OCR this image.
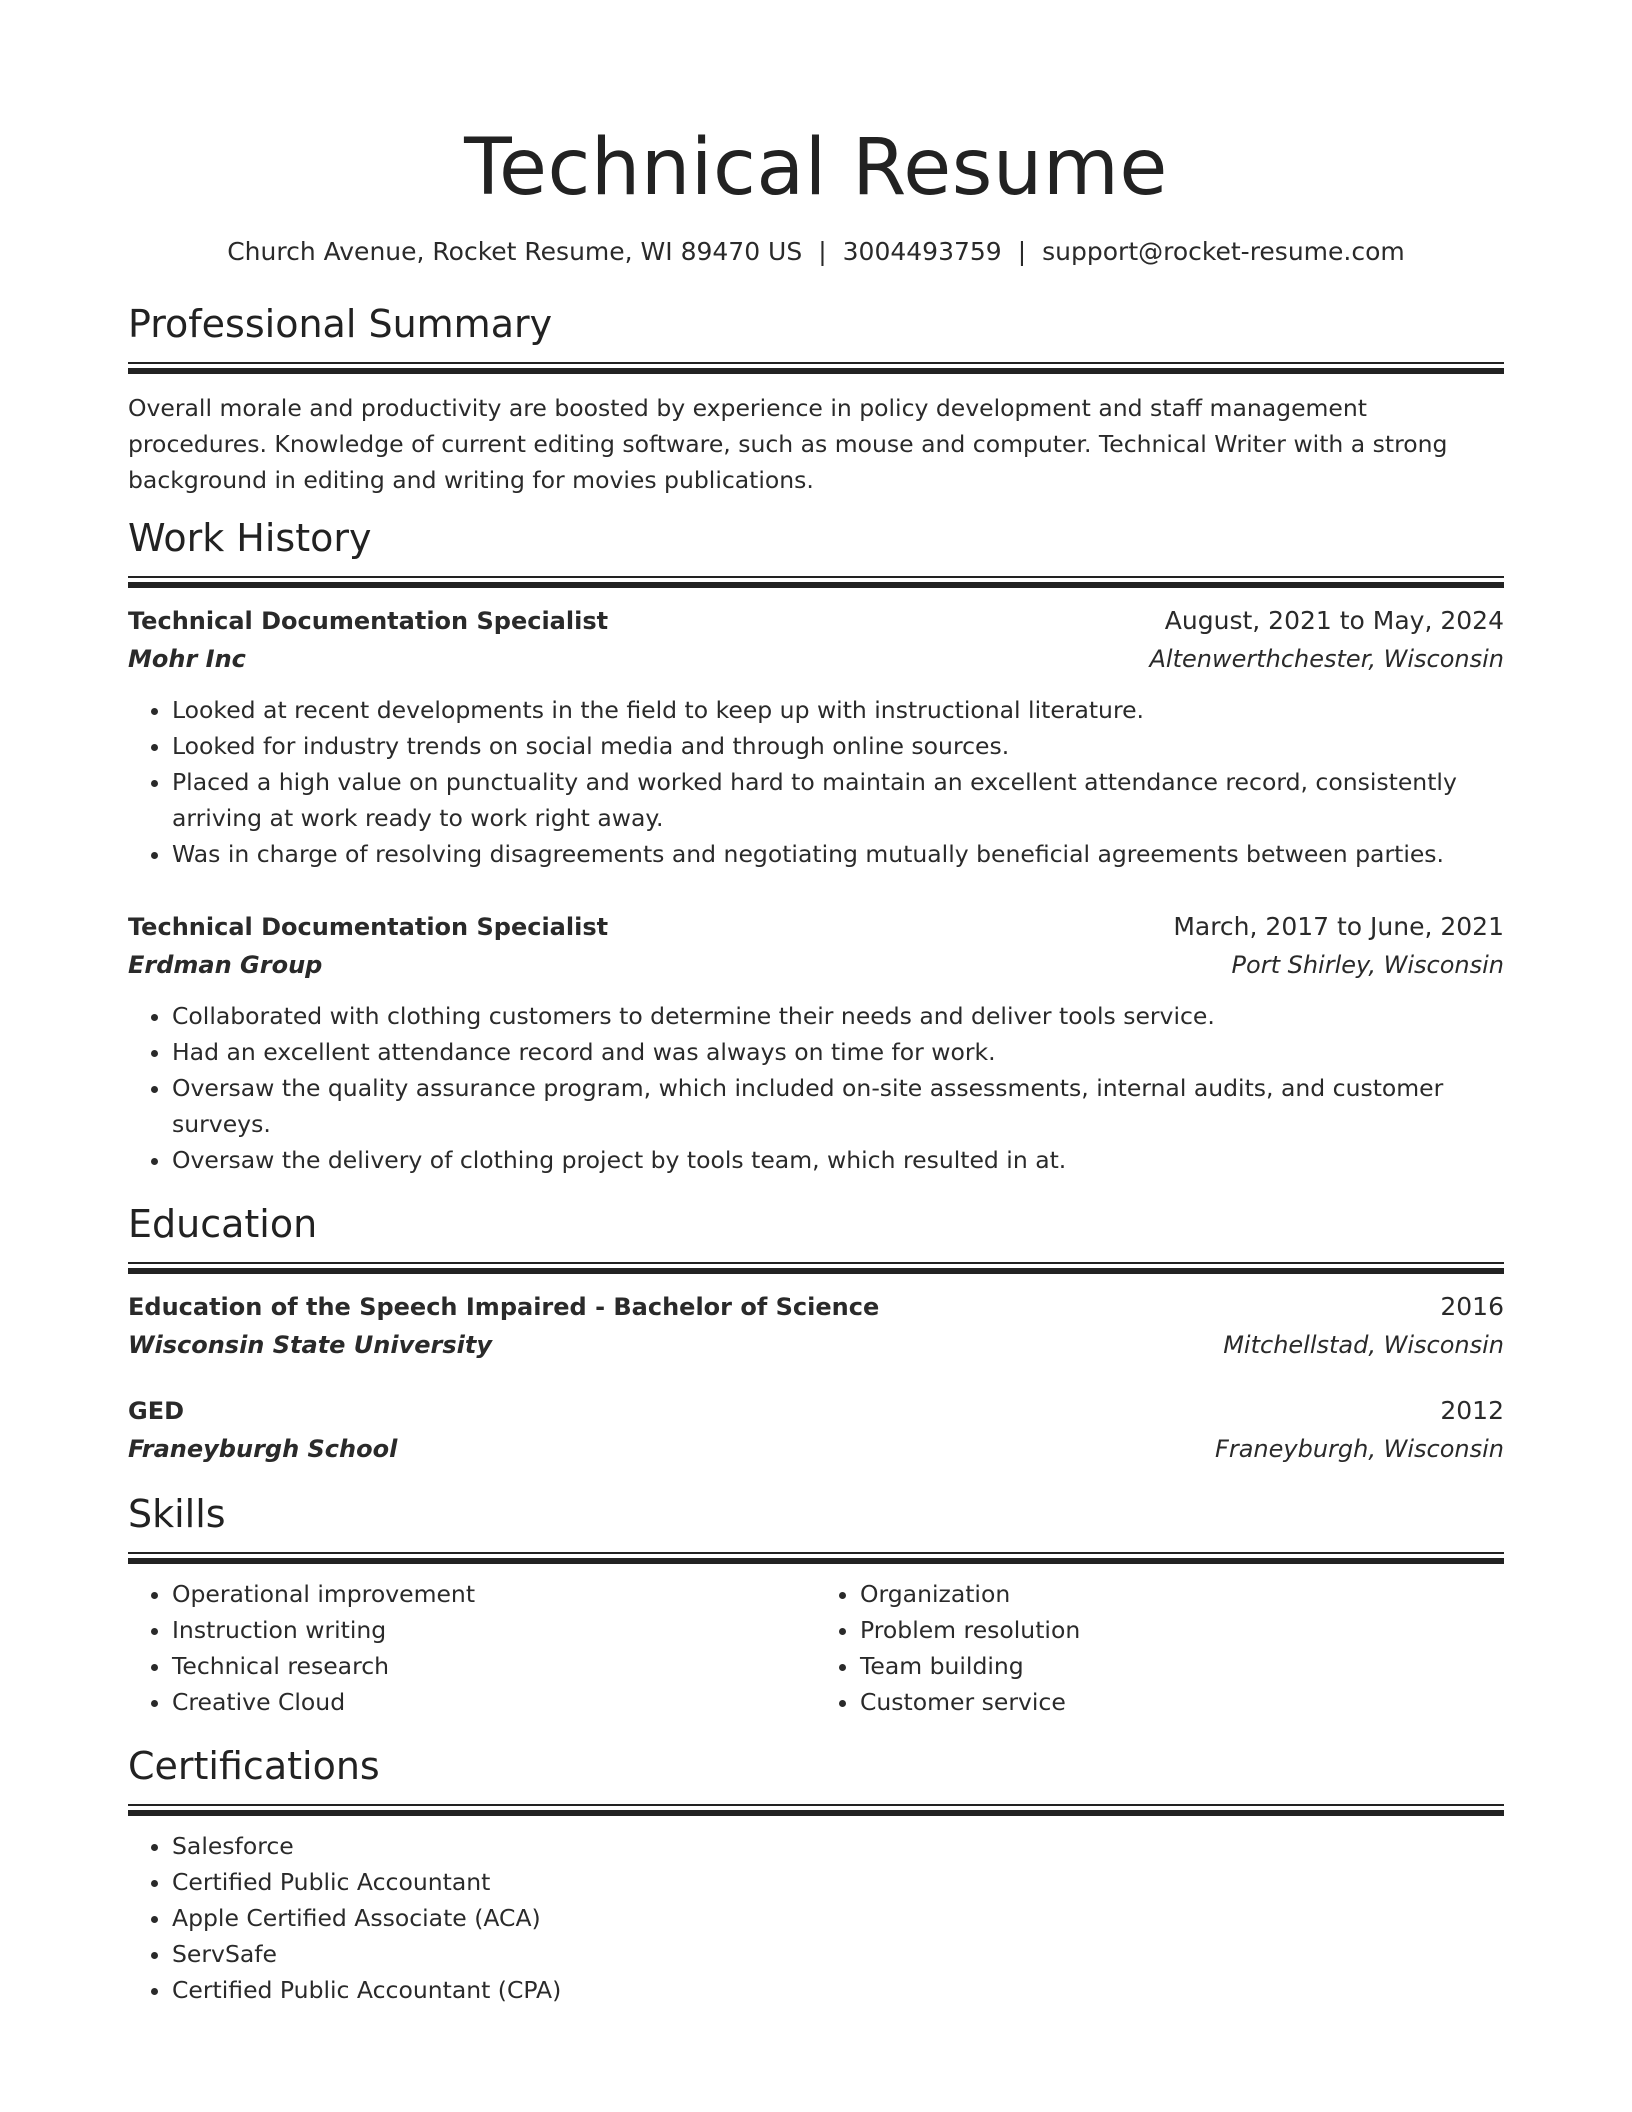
Technical Resume
Church Avenue, Rocket Resume, WI 89470 US | 3004493759 | support@rocket-resume.com
Professional Summary
Overall morale and productivity are boosted by experience in policy development and staff management procedures. Knowledge of current editing software, such as mouse and computer. Technical Writer with a strong background in editing and writing for movies publications.
Work History
Technical Documentation Specialist	August, 2021 to May, 2024
Mohr Inc	Altenwerthchester, Wisconsin
• Looked at recent developments in the field to keep up with instructional literature.
• Looked for industry trends on social media and through online sources.
• Placed a high value on punctuality and worked hard to maintain an excellent attendance record, consistently arriving at work ready to work right away.
• Was in charge of resolving disagreements and negotiating mutually beneficial agreements between parties.
Technical Documentation Specialist	March, 2017 to June, 2021
Erdman Group	Port Shirley, Wisconsin
• Collaborated with clothing customers to determine their needs and deliver tools service.
• Had an excellent attendance record and was always on time for work.
• Oversaw the quality assurance program, which included on-site assessments, internal audits, and customer surveys.
• Oversaw the delivery of clothing project by tools team, which resulted in at.
Education
Education of the Speech Impaired - Bachelor of Science	2016
Wisconsin State University	Mitchellstad, Wisconsin
GED	2012
Franeyburgh School	Franeyburgh, Wisconsin
Skills
• Operational improvement
• Instruction writing
• Technical research
• Creative Cloud
• Organization
• Problem resolution
• Team building
• Customer service
Certifications
• Salesforce
• Certified Public Accountant
• Apple Certified Associate (ACA)
• ServSafe
• Certified Public Accountant (CPA)
